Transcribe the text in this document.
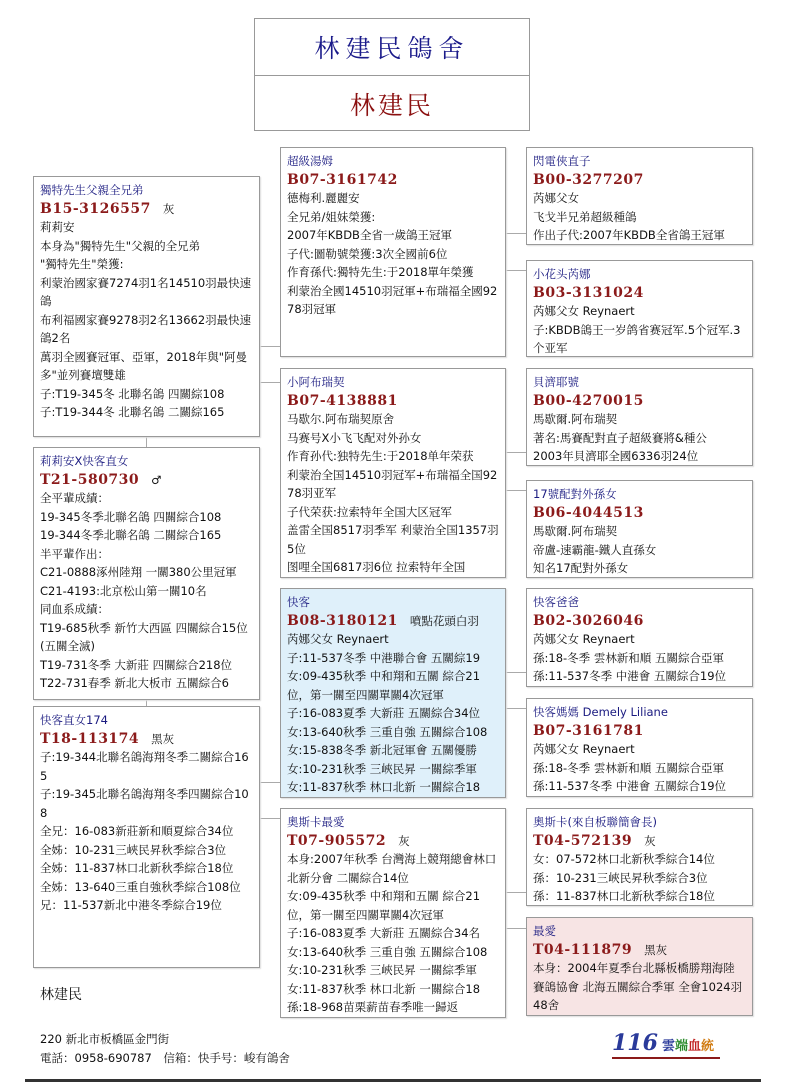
林建民鴿舍
林建民
獨特先生父親全兄弟
B15-3126557 灰
莉莉安
本身為"獨特先生"父親的全兄弟
"獨特先生"榮獲:
利蒙治國家賽7274羽1名14510羽最快速鴿
布利福國家賽9278羽2名13662羽最快速鴿2名
萬羽全國賽冠軍、亞軍，2018年與"阿曼多"並列賽壇雙雄
子:T19-345冬 北聯名鴿 四關綜108
子:T19-344冬 北聯名鴿 二關綜165
莉莉安X快客直女
T21-580730 ♂
全平輩成績：
19-345冬季北聯名鴿 四關綜合108
19-344冬季北聯名鴿 二關綜合165
半平輩作出：
C21-0888涿州陸翔 一關380公里冠軍
C21-4193:北京松山第一關10名
同血系成績：
T19-685秋季 新竹大西區 四關綜合15位(五關全滅)
T19-731冬季 大新莊 四關綜合218位
T22-731春季 新北大板市 五關綜合6
快客直女174
T18-113174 黑灰
子:19-344北聯名鴿海翔冬季二關綜合165
子:19-345北聯名鴿海翔冬季四關綜合108
全兄：16-083新莊新和順夏綜合34位
全姊：10-231三峽民昇秋季綜合3位
全姊：11-837林口北新秋季綜合18位
全姊：13-640三重自強秋季綜合108位
兄：11-537新北中港冬季綜合19位
超級湯姆
B07-3161742
德梅利.麗麗安
全兄弟/姐妹榮獲:
2007年KBDB全省一歲鴿王冠軍
子代:圖勒號榮獲:3次全國前6位
作育孫代:獨特先生:于2018單年榮獲
利蒙治全國14510羽冠軍+布瑞福全國9278羽冠軍
小阿布瑞契
B07-4138881
马歇尔.阿布瑞契原舍
马赛号X小飞飞配对外孙女
作育孙代:独特先生:于2018单年荣获
利蒙治全国14510羽冠军+布瑞福全国9278羽亚军
子代荣获:拉索特年全国大区冠军
盖雷全国8517羽季军 利蒙治全国1357羽5位
图哩全国6817羽6位 拉索特年全国
快客
B08-3180121 噴點花頭白羽
芮娜父女 Reynaert
子:11-537冬季 中港聯合會 五關綜19
女:09-435秋季 中和翔和五關 綜合21位，第一關至四關單關4次冠軍
子:16-083夏季 大新莊 五關綜合34位
女:13-640秋季 三重自強 五關綜合108
女:15-838冬季 新北冠軍會 五關優勝
女:10-231秋季 三峽民昇 一關綜季軍
女:11-837秋季 林口北新 一關綜合18
奧斯卡最愛
T07-905572 灰
本身:2007年秋季 台灣海上競翔總會林口北新分會 二關綜合14位
女:09-435秋季 中和翔和五關 綜合21位，第一關至四關單關4次冠軍
子:16-083夏季 大新莊 五關綜合34名
女:13-640秋季 三重自強 五關綜合108
女:10-231秋季 三峽民昇 一關綜季軍
女:11-837秋季 林口北新 一關綜合18
孫:18-968苗栗薪苗春季唯一歸返
閃電俠直子
B00-3277207
芮娜父女
飞戈半兄弟超級種鴿
作出子代:2007年KBDB全省鴿王冠軍
小花头芮娜
B03-3131024
芮娜父女 Reynaert
子:KBDB鴿王一岁鸽省赛冠军.5个冠军.3个亚军
貝濟耶號
B00-4270015
馬歇爾.阿布瑞契
著名:馬賽配對直子超級賽將&種公
2003年貝濟耶全國6336羽24位
17號配對外孫女
B06-4044513
馬歇爾.阿布瑞契
帝盧-速霸龍-鐵人直孫女
知名17配對外孫女
快客爸爸
B02-3026046
芮娜父女 Reynaert
孫:18-冬季 雲林新和順 五關綜合亞軍
孫:11-537冬季 中港會 五關綜合19位
快客媽媽 Demely Liliane
B07-3161781
芮娜父女 Reynaert
孫:18-冬季 雲林新和順 五關綜合亞軍
孫:11-537冬季 中港會 五關綜合19位
奧斯卡(來自板聯簡會長)
T04-572139 灰
女：07-572林口北新秋季綜合14位
孫：10-231三峽民昇秋季綜合3位
孫：11-837林口北新秋季綜合18位
最愛
T04-111879 黑灰
本身：2004年夏季台北縣板橋勝翔海陸賽鴿協會 北海五關綜合季軍 全會1024羽48舍
林建民
220 新北市板橋區金門街
電話：0958-690787　信箱：快手号：峻有鴿舍
116 雲端血統
